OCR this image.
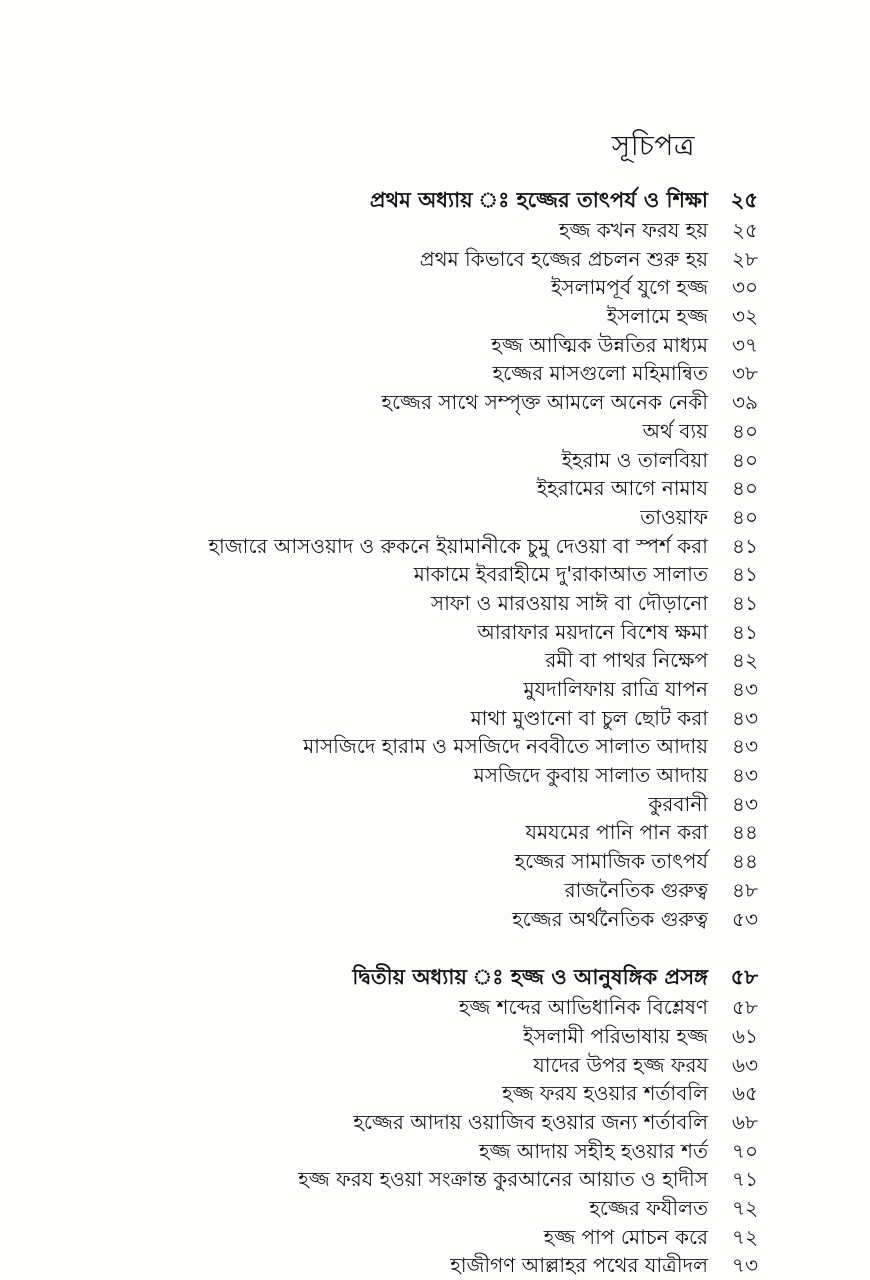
সূচিপত্র
প্রথম অধ্যায় ঃ হজ্জের তাৎপর্য ও শিক্ষা	২৫
হজ্জ কখন ফরয হয়	২৫
প্রথম কিভাবে হজ্জের প্রচলন শুরু হয়	২৮
ইসলামপূর্ব যুগে হজ্জ	৩০
ইসলামে হজ্জ	৩২
হজ্জ আত্মিক উন্নতির মাধ্যম	৩৭
হজ্জের মাসগুলো মহিমান্বিত	৩৮
হজ্জের সাথে সম্পৃক্ত আমলে অনেক নেকী	৩৯
অর্থ ব্যয়	৪০
ইহরাম ও তালবিয়া	৪০
ইহরামের আগে নামায	৪০
তাওয়াফ	৪০
হাজারে আসওয়াদ ও রুকনে ইয়ামানীকে চুমু দেওয়া বা স্পর্শ করা	৪১
মাকামে ইবরাহীমে দু'রাকাআত সালাত	৪১
সাফা ও মারওয়ায় সাঈ বা দৌড়ানো	৪১
আরাফার ময়দানে বিশেষ ক্ষমা	৪১
রমী বা পাথর নিক্ষেপ	৪২
মুযদালিফায় রাত্রি যাপন	৪৩
মাথা মুণ্ডানো বা চুল ছোট করা	৪৩
মাসজিদে হারাম ও মসজিদে নববীতে সালাত আদায়	৪৩
মসজিদে কুবায় সালাত আদায়	৪৩
কুরবানী	৪৩
যমযমের পানি পান করা	৪৪
হজ্জের সামাজিক তাৎপর্য	৪৪
রাজনৈতিক গুরুত্ব	৪৮
হজ্জের অর্থনৈতিক গুরুত্ব	৫৩
দ্বিতীয় অধ্যায় ঃ হজ্জ ও আনুষঙ্গিক প্রসঙ্গ	৫৮
হজ্জ শব্দের আভিধানিক বিশ্লেষণ	৫৮
ইসলামী পরিভাষায় হজ্জ	৬১
যাদের উপর হজ্জ ফরয	৬৩
হজ্জ ফরয হওয়ার শর্তাবলি	৬৫
হজ্জের আদায় ওয়াজিব হওয়ার জন্য শর্তাবলি	৬৮
হজ্জ আদায় সহীহ হওয়ার শর্ত	৭০
হজ্জ ফরয হওয়া সংক্রান্ত কুরআনের আয়াত ও হাদীস	৭১
হজ্জের ফযীলত	৭২
হজ্জ পাপ মোচন করে	৭২
হাজীগণ আল্লাহর পথের যাত্রীদল	৭৩
